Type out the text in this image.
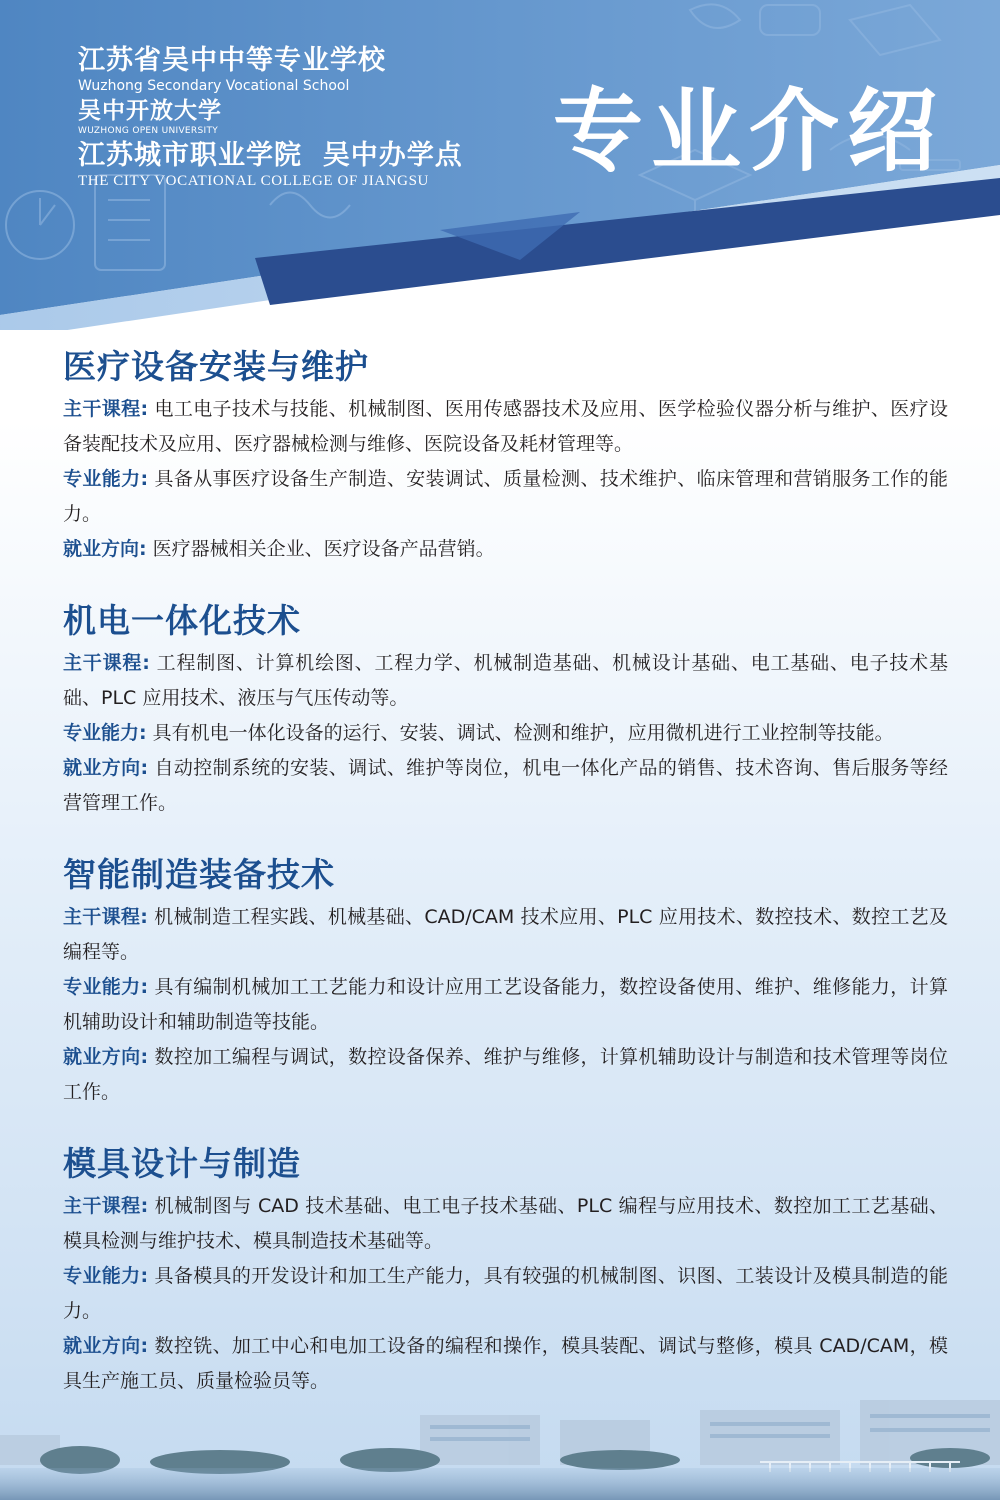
江苏省吴中中等专业学校
Wuzhong Secondary Vocational School
吴中开放大学
WUZHONG OPEN UNIVERSITY
江苏城市职业学院  吴中办学点
THE CITY VOCATIONAL COLLEGE OF JIANGSU	专业介绍
医疗设备安装与维护

主干课程: 电工电子技术与技能、机械制图、医用传感器技术及应用、医学检验仪器分析与维护、医疗设备装配技术及应用、医疗器械检测与维修、医院设备及耗材管理等。

专业能力: 具备从事医疗设备生产制造、安装调试、质量检测、技术维护、临床管理和营销服务工作的能力。

就业方向: 医疗器械相关企业、医疗设备产品营销。

机电一体化技术

主干课程: 工程制图、计算机绘图、工程力学、机械制造基础、机械设计基础、电工基础、电子技术基础、PLC 应用技术、液压与气压传动等。

专业能力: 具有机电一体化设备的运行、安装、调试、检测和维护，应用微机进行工业控制等技能。

就业方向: 自动控制系统的安装、调试、维护等岗位，机电一体化产品的销售、技术咨询、售后服务等经营管理工作。

智能制造装备技术

主干课程: 机械制造工程实践、机械基础、CAD/CAM 技术应用、PLC 应用技术、数控技术、数控工艺及编程等。

专业能力: 具有编制机械加工工艺能力和设计应用工艺设备能力，数控设备使用、维护、维修能力，计算机辅助设计和辅助制造等技能。

就业方向: 数控加工编程与调试，数控设备保养、维护与维修，计算机辅助设计与制造和技术管理等岗位工作。

模具设计与制造

主干课程: 机械制图与 CAD 技术基础、电工电子技术基础、PLC 编程与应用技术、数控加工工艺基础、模具检测与维护技术、模具制造技术基础等。

专业能力: 具备模具的开发设计和加工生产能力，具有较强的机械制图、识图、工装设计及模具制造的能力。

就业方向: 数控铣、加工中心和电加工设备的编程和操作，模具装配、调试与整修，模具 CAD/CAM，模具生产施工员、质量检验员等。
